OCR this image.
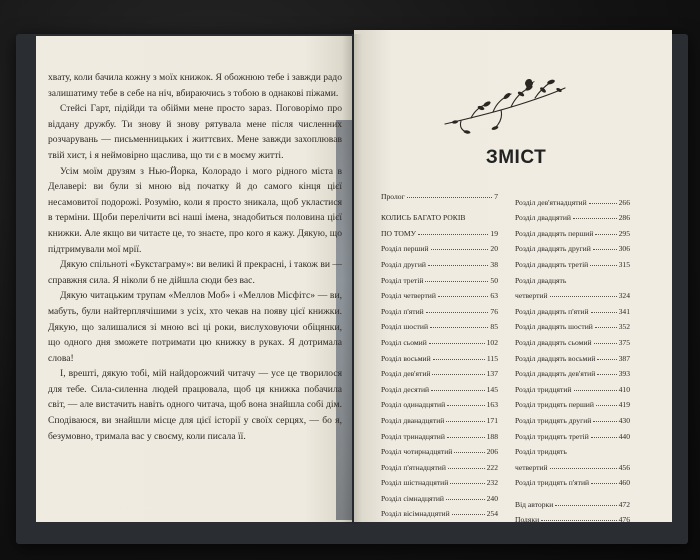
хвату, коли бачила кожну з моїх книжок. Я обожнюю тебе і завжди радо залишатиму тебе в себе на ніч, вбираючись з тобою в однакові піжами.

Стейсі Гарт, підійди та обійми мене просто зараз. Поговорімо про віддану дружбу. Ти знову й знову рятувала мене після численних розчарувань — письменницьких і життєвих. Мене завжди захоплював твій хист, і я неймовірно щаслива, що ти є в моєму житті.

Усім моїм друзям з Нью-Йорка, Колорадо і мого рідного міста в Делавері: ви були зі мною від початку й до самого кінця цієї несамовитої подорожі. Розумію, коли я просто зникала, щоб укластися в терміни. Щоби перелічити всі наші імена, знадобиться половина цієї книжки. Але якщо ви читаєте це, то знаєте, про кого я кажу. Дякую, що підтримували мої мрії.

Дякую спільноті «Букстаграму»: ви великі й прекрасні, і також ви — справжня сила. Я ніколи б не дійшла сюди без вас.

Дякую читацьким трупам «Меллов Моб» і «Меллов Місфітс» — ви, мабуть, були найтерплячішими з усіх, хто чекав на появу цієї книжки. Дякую, що залишалися зі мною всі ці роки, вислуховуючи обіцянки, що одного дня зможете потримати цю книжку в руках. Я дотримала слова!

І, врешті, дякую тобі, мій найдорожчий читачу — усе це творилося для тебе. Сила-силенна людей працювала, щоб ця книжка побачила світ, — але вистачить навіть одного читача, щоб вона знайшла собі дім. Сподіваюся, ви знайшли місце для цієї історії у своїх серцях, — бо я, безумовно, тримала вас у своєму, коли писала її.

ЗМІСТ
Пролог	7
КОЛИСЬ БАГАТО РОКІВ
ПО ТОМУ	19
Розділ перший	20
Розділ другий	38
Розділ третій	50
Розділ четвертий	63
Розділ п'ятий	76
Розділ шостий	85
Розділ сьомий	102
Розділ восьмий	115
Розділ дев'ятий	137
Розділ десятий	145
Розділ одинадцятий	163
Розділ дванадцятий	171
Розділ тринадцятий	188
Розділ чотирнадцятий	206
Розділ п'ятнадцятий	222
Розділ шістнадцятий	232
Розділ сімнадцятий	240
Розділ вісімнадцятий	254
Розділ дев'ятнадцятий	266
Розділ двадцятий	286
Розділ двадцять перший	295
Розділ двадцять другий	306
Розділ двадцять третій	315
Розділ двадцять
четвертий	324
Розділ двадцять п'ятий	341
Розділ двадцять шостий	352
Розділ двадцять сьомий	375
Розділ двадцять восьмий	387
Розділ двадцять дев'ятий	393
Розділ тридцятий	410
Розділ тридцять перший	419
Розділ тридцять другий	430
Розділ тридцять третій	440
Розділ тридцять
четвертий	456
Розділ тридцять п'ятий	460
Від авторки	472
Подяки	476
